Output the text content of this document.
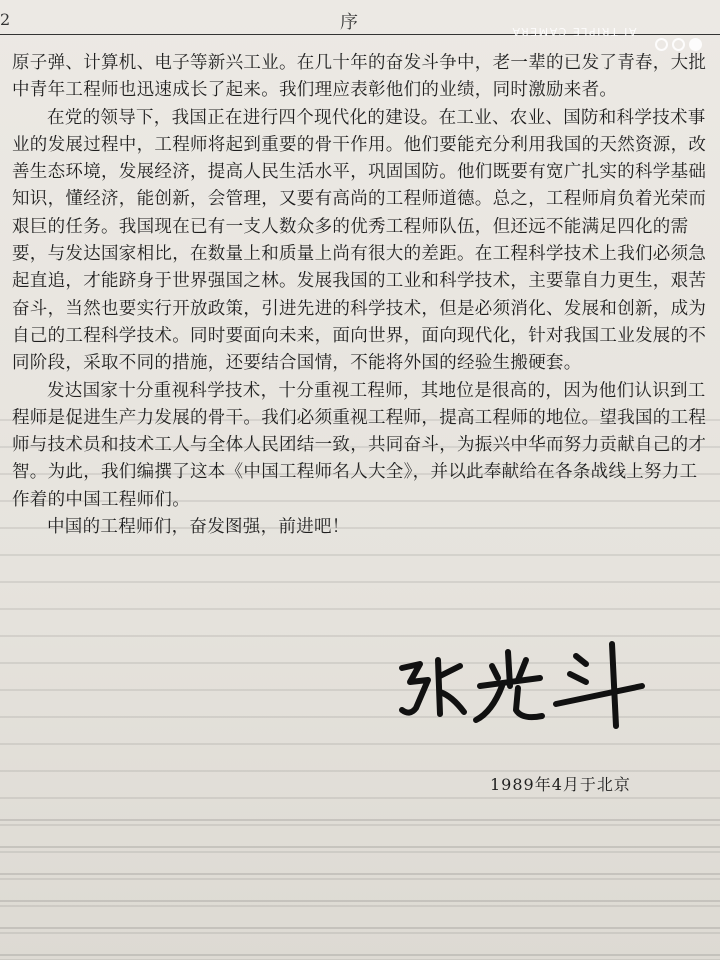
2	序	AI TRIPLE CAMERA

原子弹、计算机、电子等新兴工业。在几十年的奋发斗争中，老一辈的已发了青春，大批中青年工程师也迅速成长了起来。我们理应表彰他们的业绩，同时激励来者。

在党的领导下，我国正在进行四个现代化的建设。在工业、农业、国防和科学技术事业的发展过程中，工程师将起到重要的骨干作用。他们要能充分利用我国的天然资源，改善生态环境，发展经济，提高人民生活水平，巩固国防。他们既要有宽广扎实的科学基础知识，懂经济，能创新，会管理，又要有高尚的工程师道德。总之，工程师肩负着光荣而艰巨的任务。我国现在已有一支人数众多的优秀工程师队伍，但还远不能满足四化的需要，与发达国家相比，在数量上和质量上尚有很大的差距。在工程科学技术上我们必须急起直追，才能跻身于世界强国之林。发展我国的工业和科学技术，主要靠自力更生，艰苦奋斗，当然也要实行开放政策，引进先进的科学技术，但是必须消化、发展和创新，成为自己的工程科学技术。同时要面向未来，面向世界，面向现代化，针对我国工业发展的不同阶段，采取不同的措施，还要结合国情，不能将外国的经验生搬硬套。

发达国家十分重视科学技术，十分重视工程师，其地位是很高的，因为他们认识到工程师是促进生产力发展的骨干。我们必须重视工程师，提高工程师的地位。望我国的工程师与技术员和技术工人与全体人民团结一致，共同奋斗，为振兴中华而努力贡献自己的才智。为此，我们编撰了这本《中国工程师名人大全》，并以此奉献给在各条战线上努力工作着的中国工程师们。

中国的工程师们，奋发图强，前进吧！

1989年4月于北京
